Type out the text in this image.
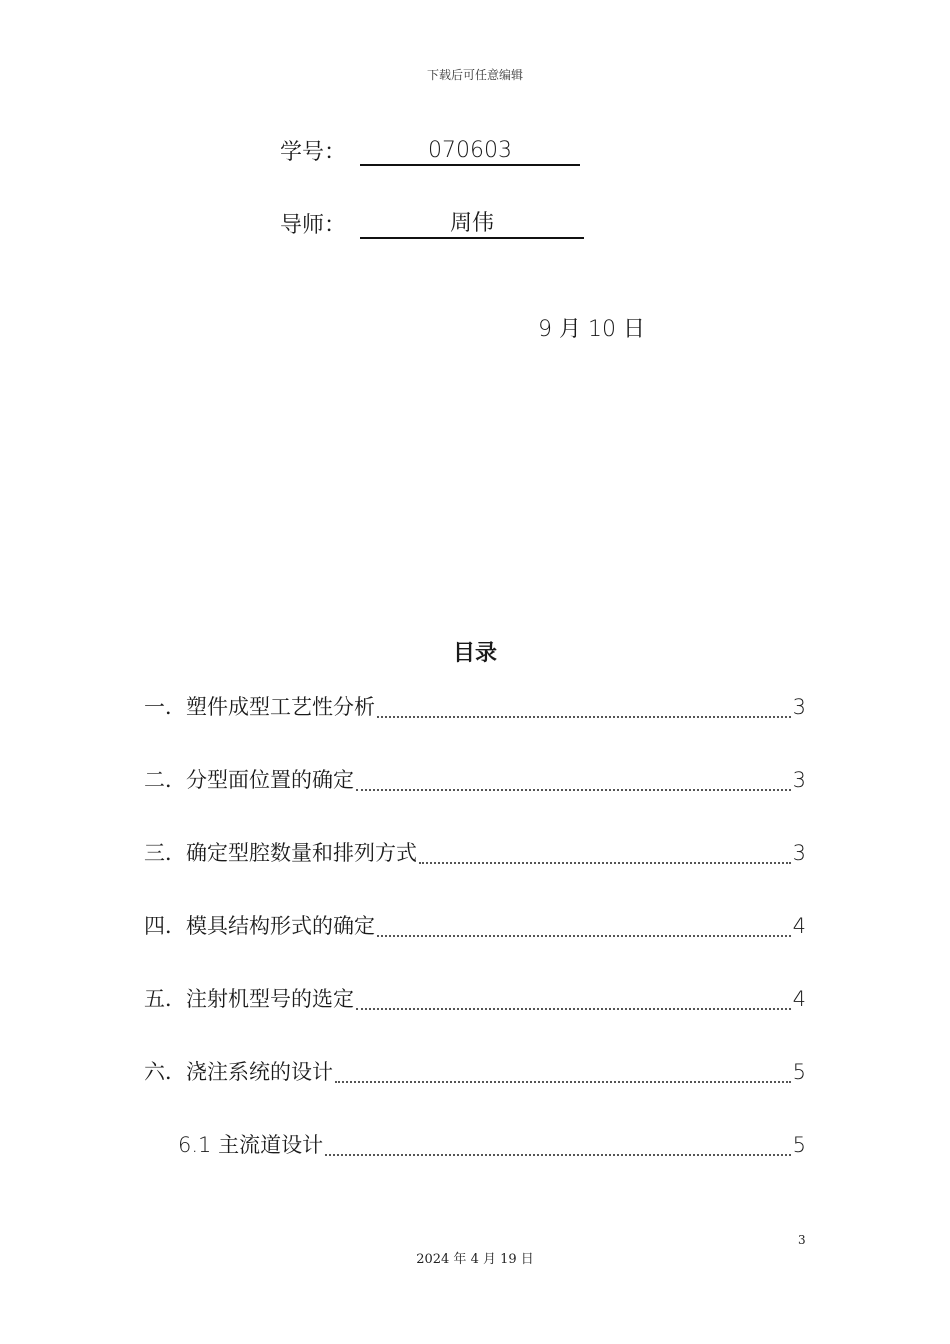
下载后可任意编辑
学号：	070603
导师：	周伟
9 月 10 日
目录
一．塑件成型工艺性分析	3
二．分型面位置的确定	3
三．确定型腔数量和排列方式	3
四．模具结构形式的确定	4
五．注射机型号的选定	4
六．浇注系统的设计	5
6.1 主流道设计	5
3
2024 年 4 月 19 日
